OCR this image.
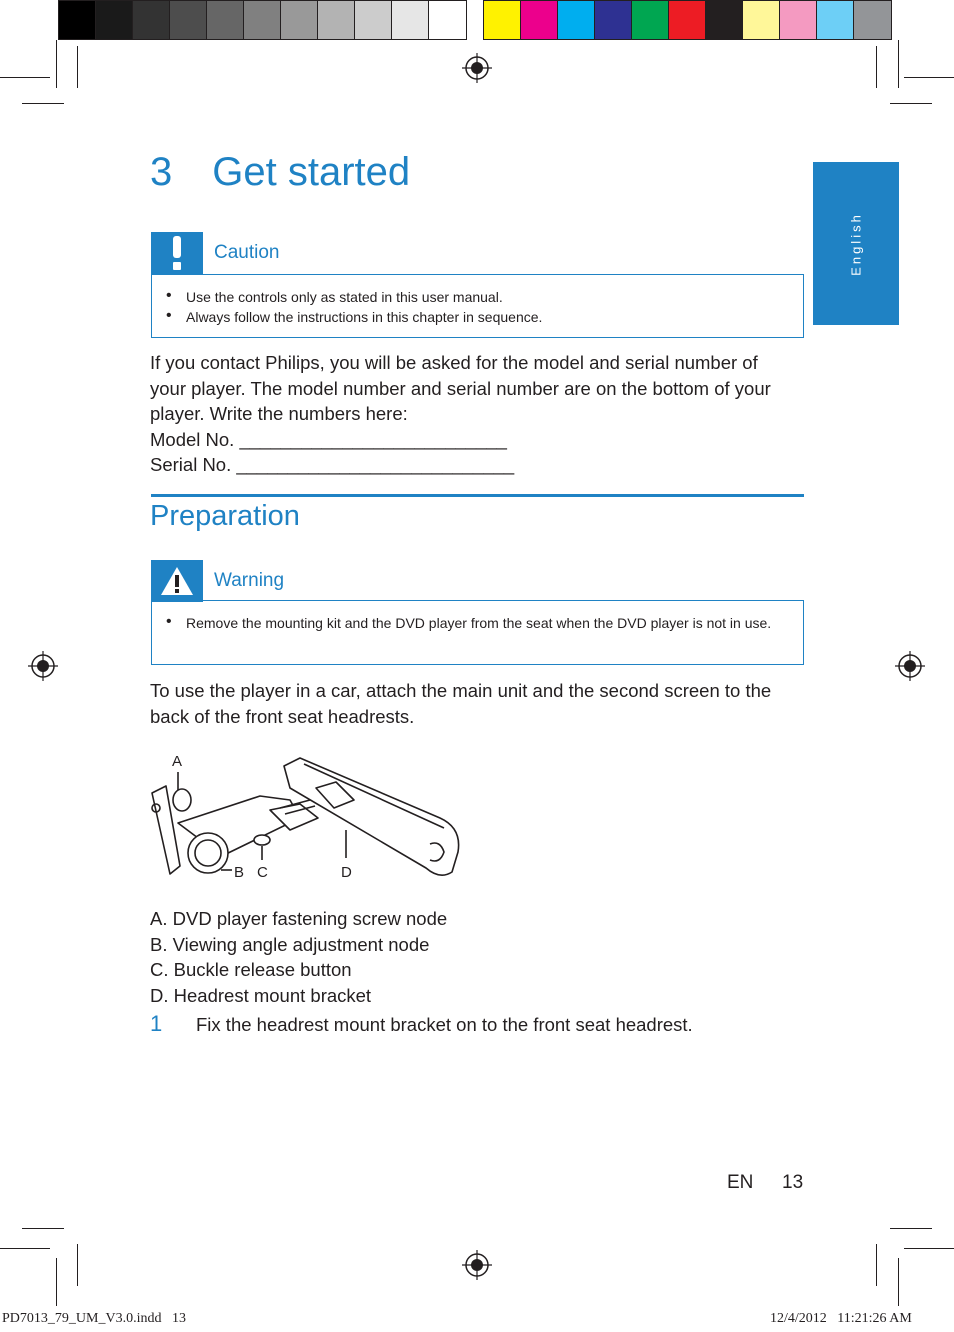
English
3 Get started
Caution
• Use the controls only as stated in this user manual.
• Always follow the instructions in this chapter in sequence.
If you contact Philips, you will be asked for the model and serial number of
your player. The model number and serial number are on the bottom of your
player. Write the numbers here:
Model No. __________________________
Serial No. ___________________________
Preparation
Warning
• Remove the mounting kit and the DVD player from the seat when the DVD player is not in use.
To use the player in a car, attach the main unit and the second screen to the
back of the front seat headrests.
A
B C	D
A. DVD player fastening screw node
B. Viewing angle adjustment node
C. Buckle release button
D. Headrest mount bracket
1	Fix the headrest mount bracket on to the front seat headrest.
EN 13
PD7013_79_UM_V3.0.indd   13	12/4/2012   11:21:26 AM
